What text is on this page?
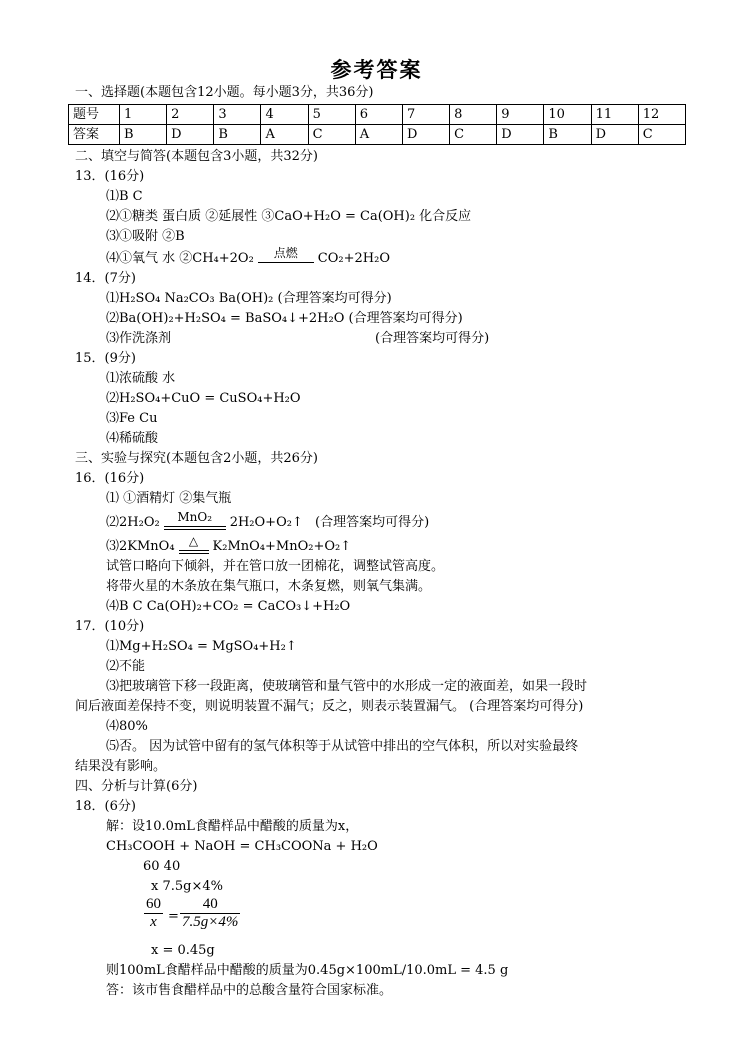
参考答案
一、选择题(本题包含12小题。每小题3分，共36分)
题号	1	2	3	4	5	6	7	8	9	10	11	12
答案	B	D	B	A	C	A	D	C	D	B	D	C
二、填空与简答(本题包含3小题，共32分)
13．(16分)
⑴B C
⑵①糖类 蛋白质 ②延展性 ③CaO+H₂O = Ca(OH)₂ 化合反应
⑶①吸附 ②B
⑷①氧气 水 ②CH₄+2O₂	点燃	CO₂+2H₂O
14．(7分)
⑴H₂SO₄ Na₂CO₃ Ba(OH)₂ (合理答案均可得分)
⑵Ba(OH)₂+H₂SO₄ = BaSO₄↓+2H₂O (合理答案均可得分)
⑶作洗涤剂	(合理答案均可得分)
15．(9分)
⑴浓硫酸 水
⑵H₂SO₄+CuO = CuSO₄+H₂O
⑶Fe Cu
⑷稀硫酸
三、实验与探究(本题包含2小题，共26分)
16．(16分)
⑴ ①酒精灯 ②集气瓶
⑵2H₂O₂	MnO₂	2H₂O+O₂↑ (合理答案均可得分)
⑶2KMnO₄	△	K₂MnO₄+MnO₂+O₂↑
试管口略向下倾斜，并在管口放一团棉花，调整试管高度。
将带火星的木条放在集气瓶口，木条复燃，则氧气集满。
⑷B C Ca(OH)₂+CO₂ = CaCO₃↓+H₂O
17．(10分)
⑴Mg+H₂SO₄ = MgSO₄+H₂↑
⑵不能
⑶把玻璃管下移一段距离，使玻璃管和量气管中的水形成一定的液面差，如果一段时
间后液面差保持不变，则说明装置不漏气；反之，则表示装置漏气。 (合理答案均可得分)
⑷80%
⑸否。 因为试管中留有的氢气体积等于从试管中排出的空气体积，所以对实验最终
结果没有影响。
四、分析与计算(6分)
18．(6分)
解：设10.0mL食醋样品中醋酸的质量为x，
CH₃COOH + NaOH = CH₃COONa + H₂O
60 40
x 7.5g×4%
$\frac{60}{x} = \frac{40}{7.5g\times 4\%}$
x = 0.45g
则100mL食醋样品中醋酸的质量为0.45g×100mL/10.0mL = 4.5 g
答：该市售食醋样品中的总酸含量符合国家标准。
